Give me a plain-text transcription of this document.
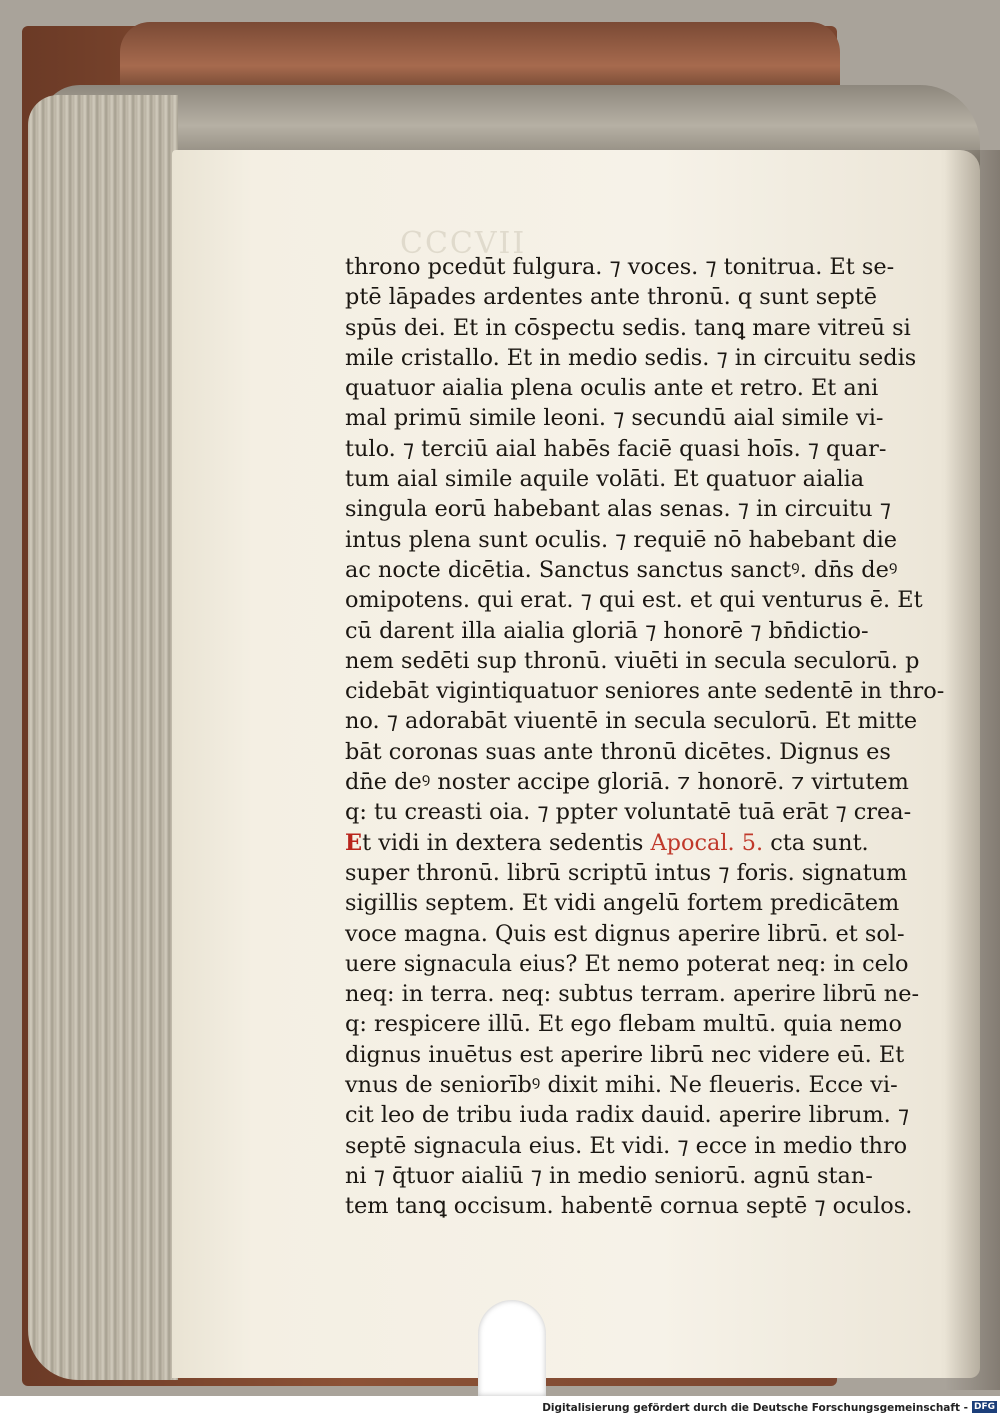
CCCVII

throno pcedūt fulgura. ⁊ voces. ⁊ tonitrua. Et se-
ptē lāpades ardentes ante thronū. q sunt septē
spūs dei. Et in cōspectu sedis. tanꝗ mare vitreū si
mile cristallo. Et in medio sedis. ⁊ in circuitu sedis
quatuor aialia plena oculis ante et retro. Et ani
mal primū simile leoni. ⁊ secundū aial simile vi-
tulo. ⁊ terciū aial habēs faciē quasi hoīs. ⁊ quar-
tum aial simile aquile volāti. Et quatuor aialia
singula eorū habebant alas senas. ⁊ in circuitu ⁊
intus plena sunt oculis. ⁊ requiē nō habebant die
ac nocte dicētia. Sanctus sanctus sanctꝰ. dn̄s deꝰ
omipotens. qui erat. ⁊ qui est. et qui venturus ē. Et
cū darent illa aialia gloriā ⁊ honorē ⁊ bn̄dictio-
nem sedēti sup thronū. viuēti in secula seculorū. p
cidebāt vigintiquatuor seniores ante sedentē in thro-
no. ⁊ adorabāt viuentē in secula seculorū. Et mitte
bāt coronas suas ante thronū dicētes. Dignus es
dn̄e deꝰ noster accipe gloriā. ⁊ honorē. ⁊ virtutem
q: tu creasti oia. ⁊ ppter voluntatē tuā erāt ⁊ crea-
Et vidi in dextera sedentis Apocal. 5. cta sunt.
super thronū. librū scriptū intus ⁊ foris. signatum
sigillis septem. Et vidi angelū fortem predicātem
voce magna. Quis est dignus aperire librū. et sol-
uere signacula eius? Et nemo poterat neq: in celo
neq: in terra. neq: subtus terram. aperire librū ne-
q: respicere illū. Et ego flebam multū. quia nemo
dignus inuētus est aperire librū nec videre eū. Et
vnus de seniorībꝰ dixit mihi. Ne fleueris. Ecce vi-
cit leo de tribu iuda radix dauid. aperire librum. ⁊
septē signacula eius. Et vidi. ⁊ ecce in medio thro
ni ⁊ q̄tuor aialiū ⁊ in medio seniorū. agnū stan-
tem tanꝗ occisum. habentē cornua septē ⁊ oculos.
Digitalisierung gefördert durch die Deutsche Forschungsgemeinschaft - DFG
